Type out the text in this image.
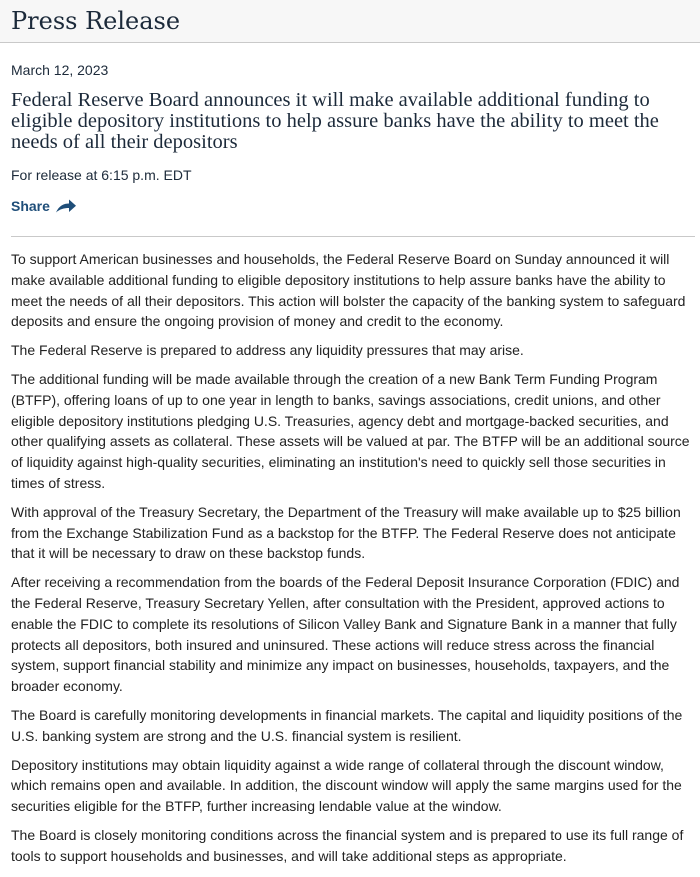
Press Release
March 12, 2023
Federal Reserve Board announces it will make available additional funding to eligible depository institutions to help assure banks have the ability to meet the needs of all their depositors
For release at 6:15 p.m. EDT
Share

To support American businesses and households, the Federal Reserve Board on Sunday announced it will make available additional funding to eligible depository institutions to help assure banks have the ability to meet the needs of all their depositors. This action will bolster the capacity of the banking system to safeguard deposits and ensure the ongoing provision of money and credit to the economy.

The Federal Reserve is prepared to address any liquidity pressures that may arise.

The additional funding will be made available through the creation of a new Bank Term Funding Program (BTFP), offering loans of up to one year in length to banks, savings associations, credit unions, and other eligible depository institutions pledging U.S. Treasuries, agency debt and mortgage-backed securities, and other qualifying assets as collateral. These assets will be valued at par. The BTFP will be an additional source of liquidity against high-quality securities, eliminating an institution's need to quickly sell those securities in times of stress.

With approval of the Treasury Secretary, the Department of the Treasury will make available up to $25 billion from the Exchange Stabilization Fund as a backstop for the BTFP. The Federal Reserve does not anticipate that it will be necessary to draw on these backstop funds.

After receiving a recommendation from the boards of the Federal Deposit Insurance Corporation (FDIC) and the Federal Reserve, Treasury Secretary Yellen, after consultation with the President, approved actions to enable the FDIC to complete its resolutions of Silicon Valley Bank and Signature Bank in a manner that fully protects all depositors, both insured and uninsured. These actions will reduce stress across the financial system, support financial stability and minimize any impact on businesses, households, taxpayers, and the broader economy.

The Board is carefully monitoring developments in financial markets. The capital and liquidity positions of the U.S. banking system are strong and the U.S. financial system is resilient.

Depository institutions may obtain liquidity against a wide range of collateral through the discount window, which remains open and available. In addition, the discount window will apply the same margins used for the securities eligible for the BTFP, further increasing lendable value at the window.

The Board is closely monitoring conditions across the financial system and is prepared to use its full range of tools to support households and businesses, and will take additional steps as appropriate.
